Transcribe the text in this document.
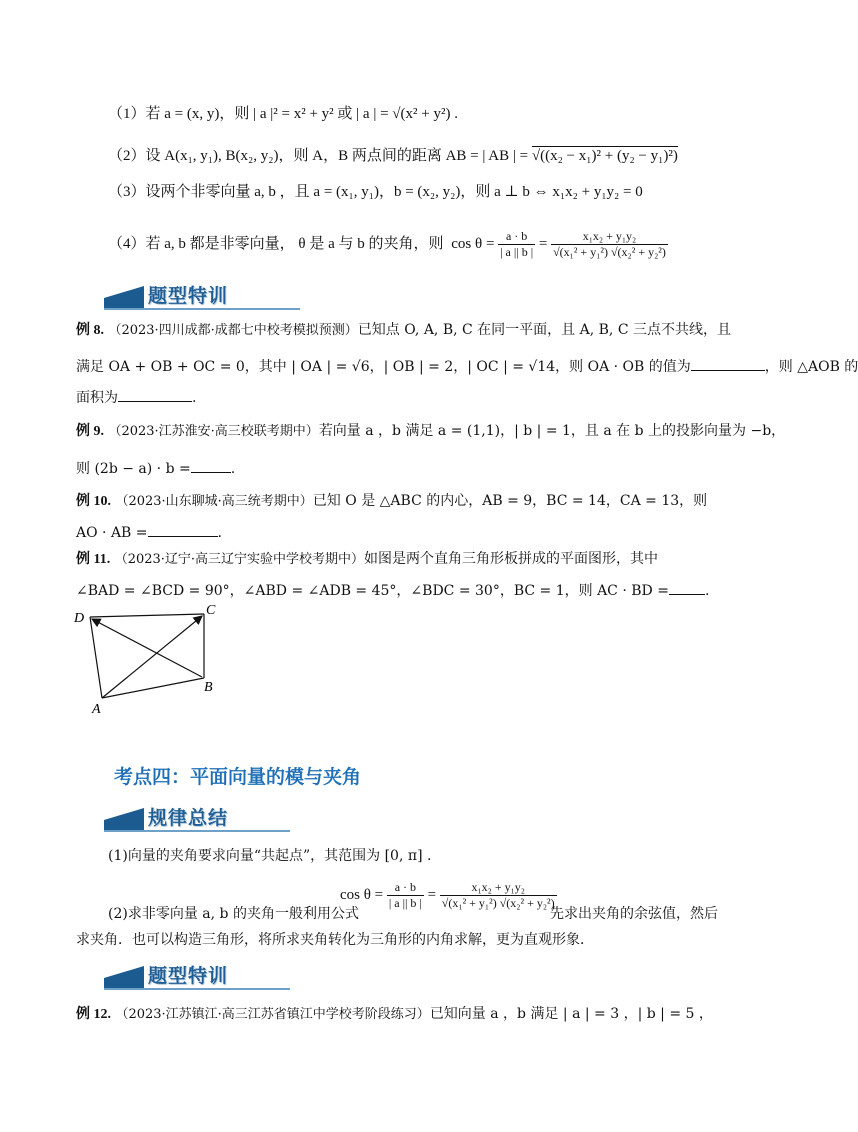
（1）若 a = (x, y)，则 | a |² = x² + y² 或 | a | = √(x² + y²) .
（2）设 A(x₁, y₁), B(x₂, y₂)，则 A，B 两点间的距离 AB = | AB | = √((x₂ − x₁)² + (y₂ − y₁)²)
（3）设两个非零向量 a, b ，且 a = (x₁, y₁)，b = (x₂, y₂)，则 a ⊥ b ⇔ x₁x₂ + y₁y₂ = 0
（4）若 a, b 都是非零向量， θ 是 a 与 b 的夹角，则 $\cos \theta = \frac{a \cdot b}{| a || b |} = \frac{\text{x₁x₂ + y₁y₂}}{\text{√(x₁² + y₁²) √(x₂² + y₂²)}}$
题型特训
例 8. （2023·四川成都·成都七中校考模拟预测）已知点 O, A, B, C 在同一平面，且 A, B, C 三点不共线，且
满足 OA + OB + OC = 0，其中 | OA | = √6，| OB | = 2，| OC | = √14，则 OA · OB 的值为	，则 △AOB 的
面积为	.
例 9. （2023·江苏淮安·高三校联考期中）若向量 a ，b 满足 a = (1,1)，| b | = 1，且 a 在 b 上的投影向量为 −b，
则 (2b − a) · b =	.
例 10. （2023·山东聊城·高三统考期中）已知 O 是 △ABC 的内心，AB = 9，BC = 14，CA = 13，则
AO · AB =	.
例 11. （2023·辽宁·高三辽宁实验中学校考期中）如图是两个直角三角形板拼成的平面图形，其中
∠BAD = ∠BCD = 90°，∠ABD = ∠ADB = 45°，∠BDC = 30°，BC = 1，则 AC · BD =	.
D
C
B
A
考点四：平面向量的模与夹角
规律总结
(1)向量的夹角要求向量“共起点”，其范围为 [0, π] .
$\cos \theta = \frac{a \cdot b}{| a || b |} = \frac{\text{x₁x₂ + y₁y₂}}{\text{√(x₁² + y₁²) √(x₂² + y₂²)}}$
(2)求非零向量 a, b 的夹角一般利用公式	先求出夹角的余弦值，然后
求夹角．也可以构造三角形，将所求夹角转化为三角形的内角求解，更为直观形象．
题型特训
例 12. （2023·江苏镇江·高三江苏省镇江中学校考阶段练习）已知向量 a ，b 满足 | a | = 3 ，| b | = 5 ，
